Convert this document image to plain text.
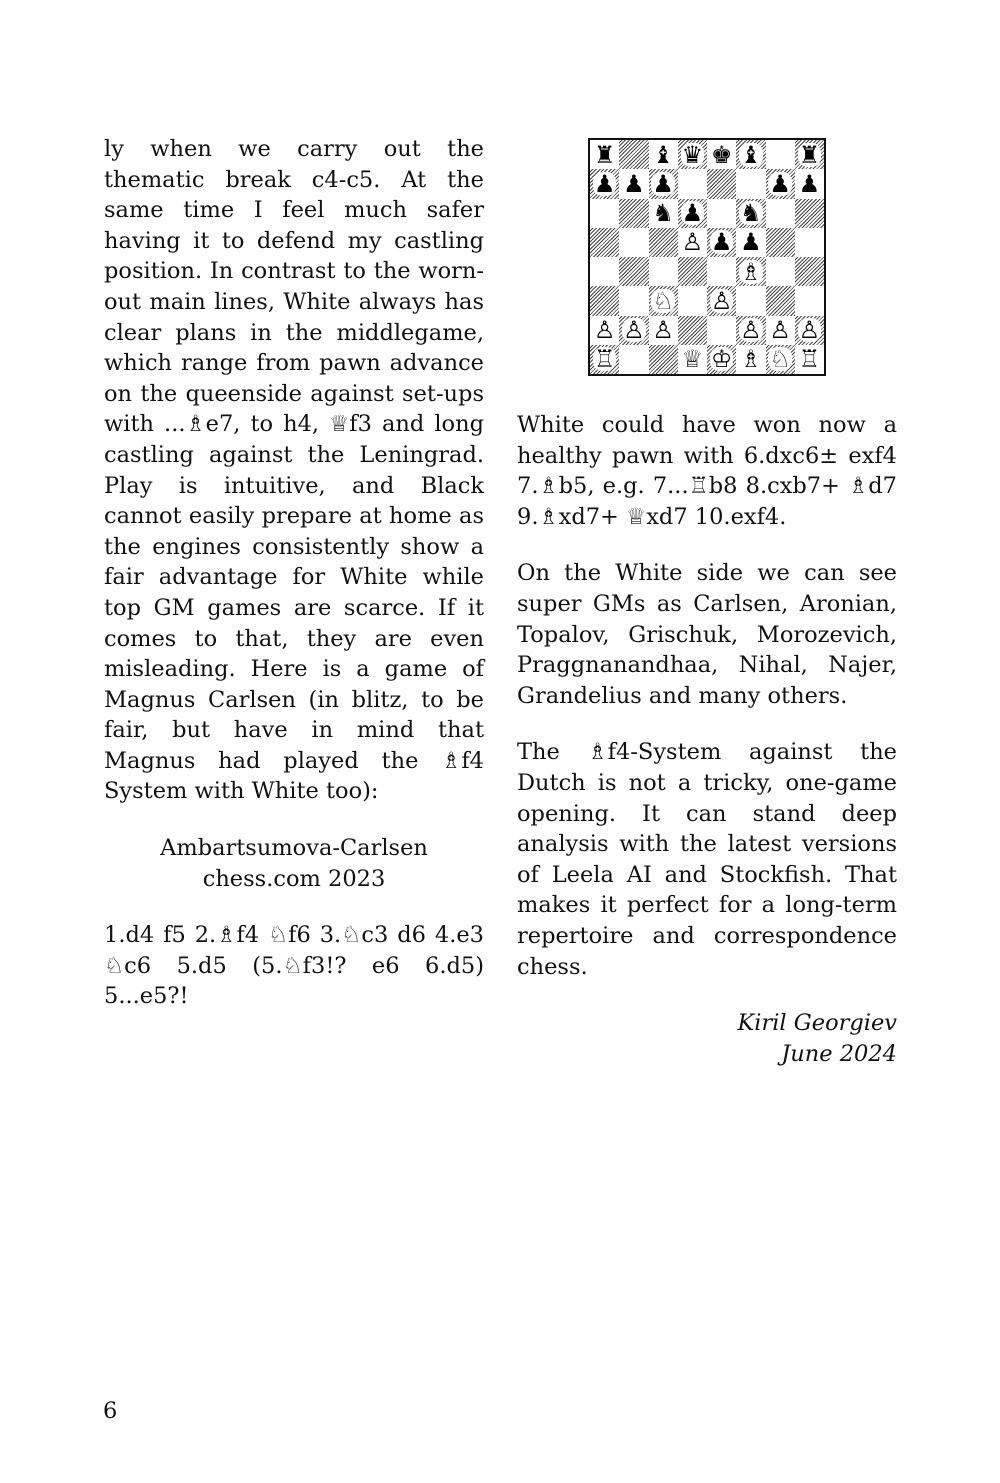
ly when we carry out the thematic break c4-c5. At the same time I feel much safer having it to defend my castling position. In contrast to the worn-out main lines, White always has clear plans in the middlegame, which range from pawn advance on the queenside against set-ups with ...♗e7, to h4, ♕f3 and long castling against the Leningrad. Play is intuitive, and Black cannot easily prepare at home as the engines consistently show a fair advantage for White while top GM games are scarce. If it comes to that, they are even misleading. Here is a game of Magnus Carlsen (in blitz, to be fair, but have in mind that Magnus had played the ♗f4 System with White too):

Ambartsumova-Carlsen
chess.com 2023

1.d4 f5 2.♗f4 ♘f6 3.♘c3 d6 4.e3 ♘c6 5.d5 (5.♘f3!? e6 6.d5) 5...e5?!

♜ ♝ ♛ ♚ ♝ ♜
♟ ♟ ♟	♟ ♟
♞ ♟ ♞
♙ ♟ ♟
♗
♘ ♙
♙ ♙ ♙	♙ ♙ ♙
♖	♕ ♔ ♗ ♘ ♖

White could have won now a healthy pawn with 6.dxc6± exf4 7.♗b5, e.g. 7...♖b8 8.cxb7+ ♗d7 9.♗xd7+ ♕xd7 10.exf4.

On the White side we can see super GMs as Carlsen, Aronian, Topalov, Grischuk, Morozevich, Praggnanandhaa, Nihal, Najer, Grandelius and many others.

The ♗f4-System against the Dutch is not a tricky, one-game opening. It can stand deep analysis with the latest versions of Leela AI and Stockfish. That makes it perfect for a long-term repertoire and correspondence chess.

Kiril Georgiev
June 2024

6
